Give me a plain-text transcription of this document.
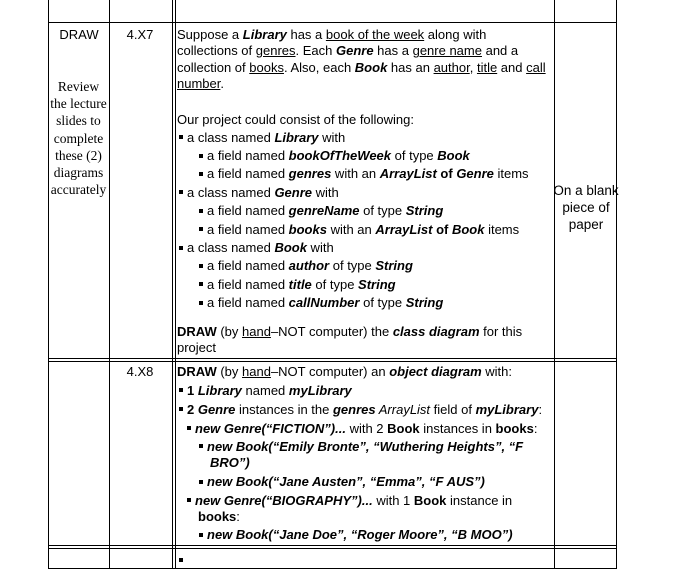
DRAW
Review the lecture slides to complete these (2) diagrams accurately
4.X7	Suppose a Library has a book of the week along with collections of genres. Each Genre has a genre name and a collection of books. Also, each Book has an author, title and call number.

Our project could consist of the following:

a class named Library with

a field named bookOfTheWeek of type Book

a field named genres with an ArrayList of Genre items

a class named Genre with

a field named genreName of type String

a field named books with an ArrayList of Book items

a class named Book with

a field named author of type String

a field named title of type String

a field named callNumber of type String

DRAW (by hand–NOT computer) the class diagram for this project
On a blank piece of paper
4.X8	DRAW (by hand–NOT computer) an object diagram with:

1 Library named myLibrary

2 Genre instances in the genres ArrayList field of myLibrary:

new Genre(“FICTION”)... with 2 Book instances in books:

new Book(“Emily Bronte”, “Wuthering Heights”, “F

BRO”)

new Book(“Jane Austen”, “Emma”, “F AUS”)

new Genre(“BIOGRAPHY”)... with 1 Book instance in

books:

new Book(“Jane Doe”, “Roger Moore”, “B MOO”)
